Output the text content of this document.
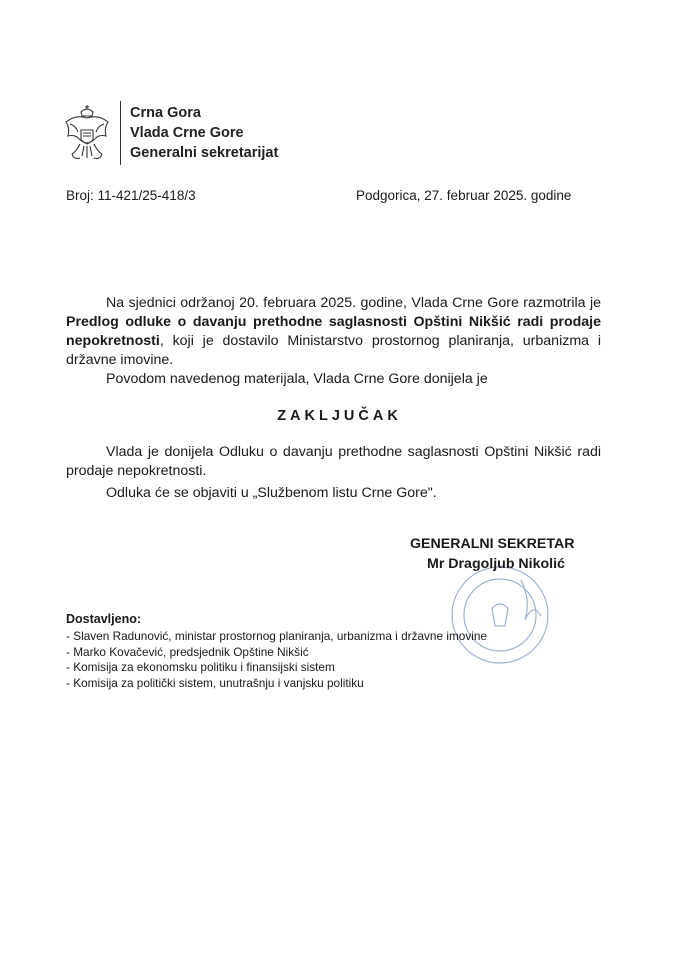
Crna Gora
Vlada Crne Gore
Generalni sekretarijat
Broj: 11-421/25-418/3	Podgorica, 27. februar 2025. godine
Na sjednici održanoj 20. februara 2025. godine, Vlada Crne Gore razmotrila je Predlog odluke o davanju prethodne saglasnosti Opštini Nikšić radi prodaje nepokretnosti, koji je dostavilo Ministarstvo prostornog planiranja, urbanizma i državne imovine.
Povodom navedenog materijala, Vlada Crne Gore donijela je
ZAKLJUČAK
Vlada je donijela Odluku o davanju prethodne saglasnosti Opštini Nikšić radi prodaje nepokretnosti.
Odluka će se objaviti u „Službenom listu Crne Gore".
GENERALNI SEKRETAR
Mr Dragoljub Nikolić
Dostavljeno:
- Slaven Radunović, ministar prostornog planiranja, urbanizma i državne imovine
- Marko Kovačević, predsjednik Opštine Nikšić
- Komisija za ekonomsku politiku i finansijski sistem
- Komisija za politički sistem, unutrašnju i vanjsku politiku
